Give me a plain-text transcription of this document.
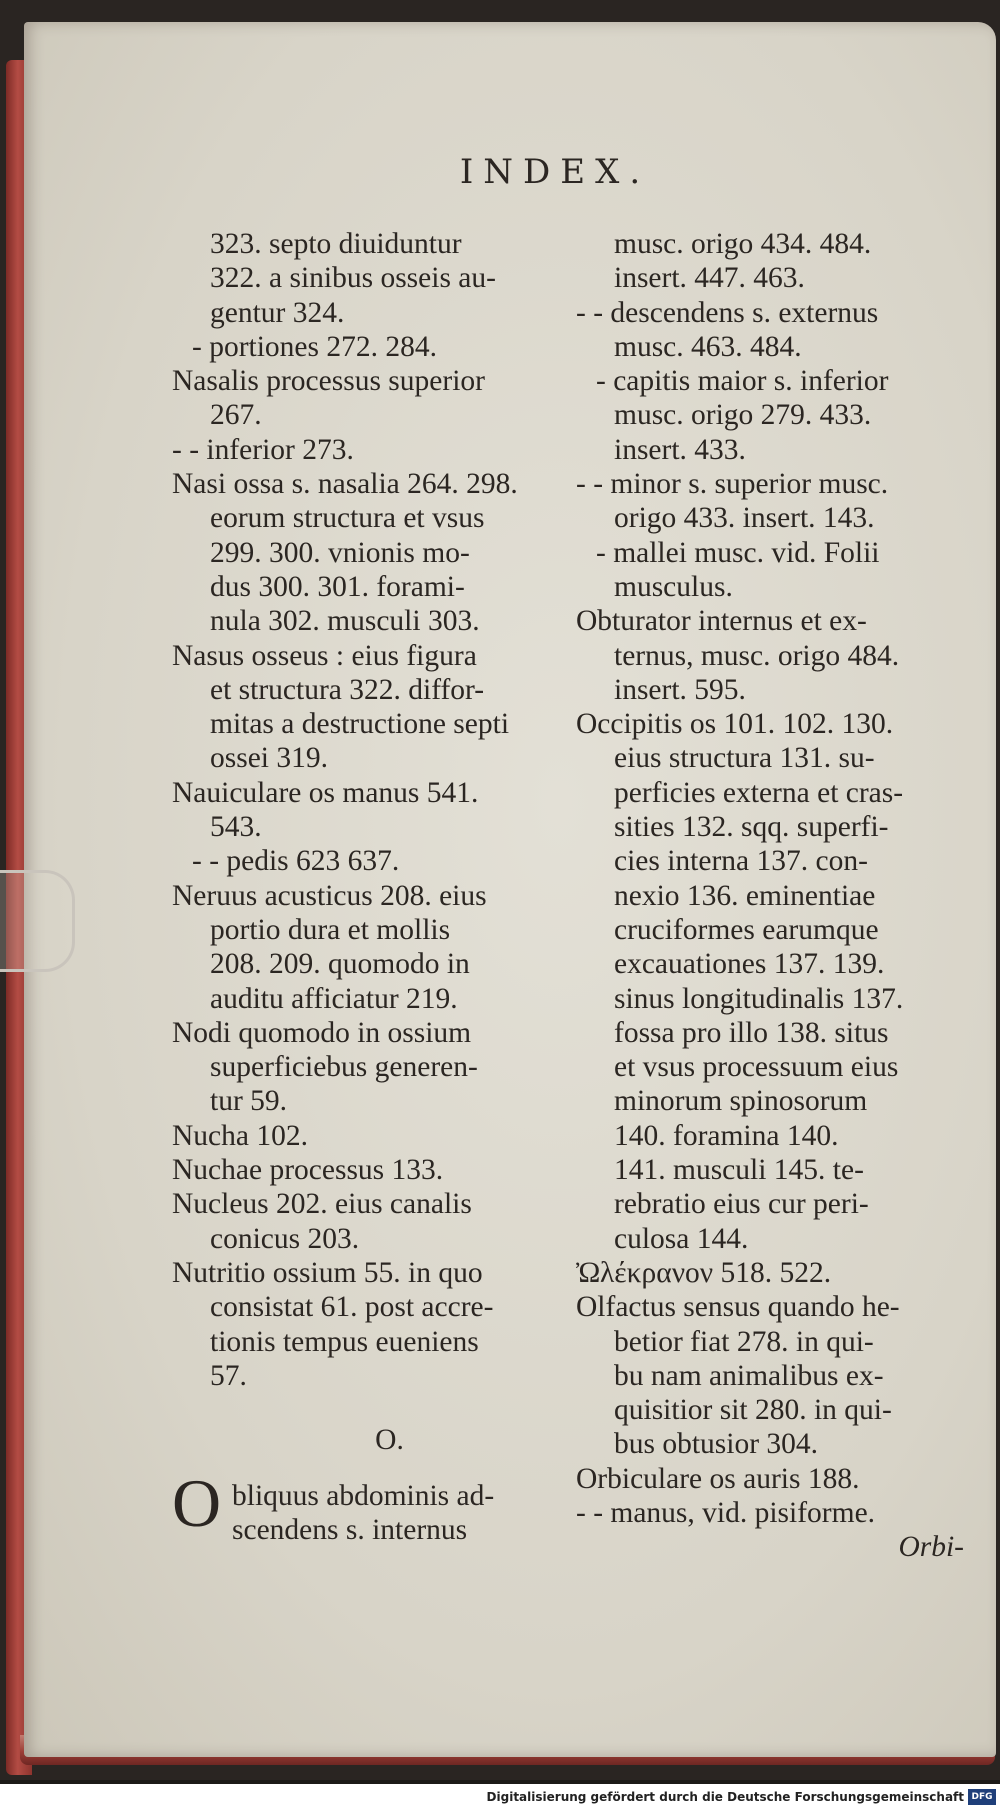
INDEX.
323. septo diuiduntur
322. a sinibus osseis au-
gentur 324.
- portiones 272. 284.
Nasalis processus superior
267.
- - inferior 273.
Nasi ossa s. nasalia 264. 298.
eorum structura et vsus
299. 300. vnionis mo-
dus 300. 301. forami-
nula 302. musculi 303.
Nasus osseus : eius figura
et structura 322. diffor-
mitas a destructione septi
ossei 319.
Nauiculare os manus 541.
543.
- - pedis 623 637.
Neruus acusticus 208. eius
portio dura et mollis
208. 209. quomodo in
auditu afficiatur 219.
Nodi quomodo in ossium
superficiebus generen-
tur 59.
Nucha 102.
Nuchae processus 133.
Nucleus 202. eius canalis
conicus 203.
Nutritio ossium 55. in quo
consistat 61. post accre-
tionis tempus eueniens
57.
O.
O bliquus abdominis ad-
scendens s. internus
musc. origo 434. 484.
insert. 447. 463.
- - descendens s. externus
musc. 463. 484.
- capitis maior s. inferior
musc. origo 279. 433.
insert. 433.
- - minor s. superior musc.
origo 433. insert. 143.
- mallei musc. vid. Folii
musculus.
Obturator internus et ex-
ternus, musc. origo 484.
insert. 595.
Occipitis os 101. 102. 130.
eius structura 131. su-
perficies externa et cras-
sities 132. sqq. superfi-
cies interna 137. con-
nexio 136. eminentiae
cruciformes earumque
excauationes 137. 139.
sinus longitudinalis 137.
fossa pro illo 138. situs
et vsus processuum eius
minorum spinosorum
140. foramina 140.
141. musculi 145. te-
rebratio eius cur peri-
culosa 144.
Ὠλέκρανον 518. 522.
Olfactus sensus quando he-
betior fiat 278. in qui-
bu nam animalibus ex-
quisitior sit 280. in qui-
bus obtusior 304.
Orbiculare os auris 188.
- - manus, vid. pisiforme.
Orbi-
Digitalisierung gefördert durch die Deutsche Forschungsgemeinschaft DFG
